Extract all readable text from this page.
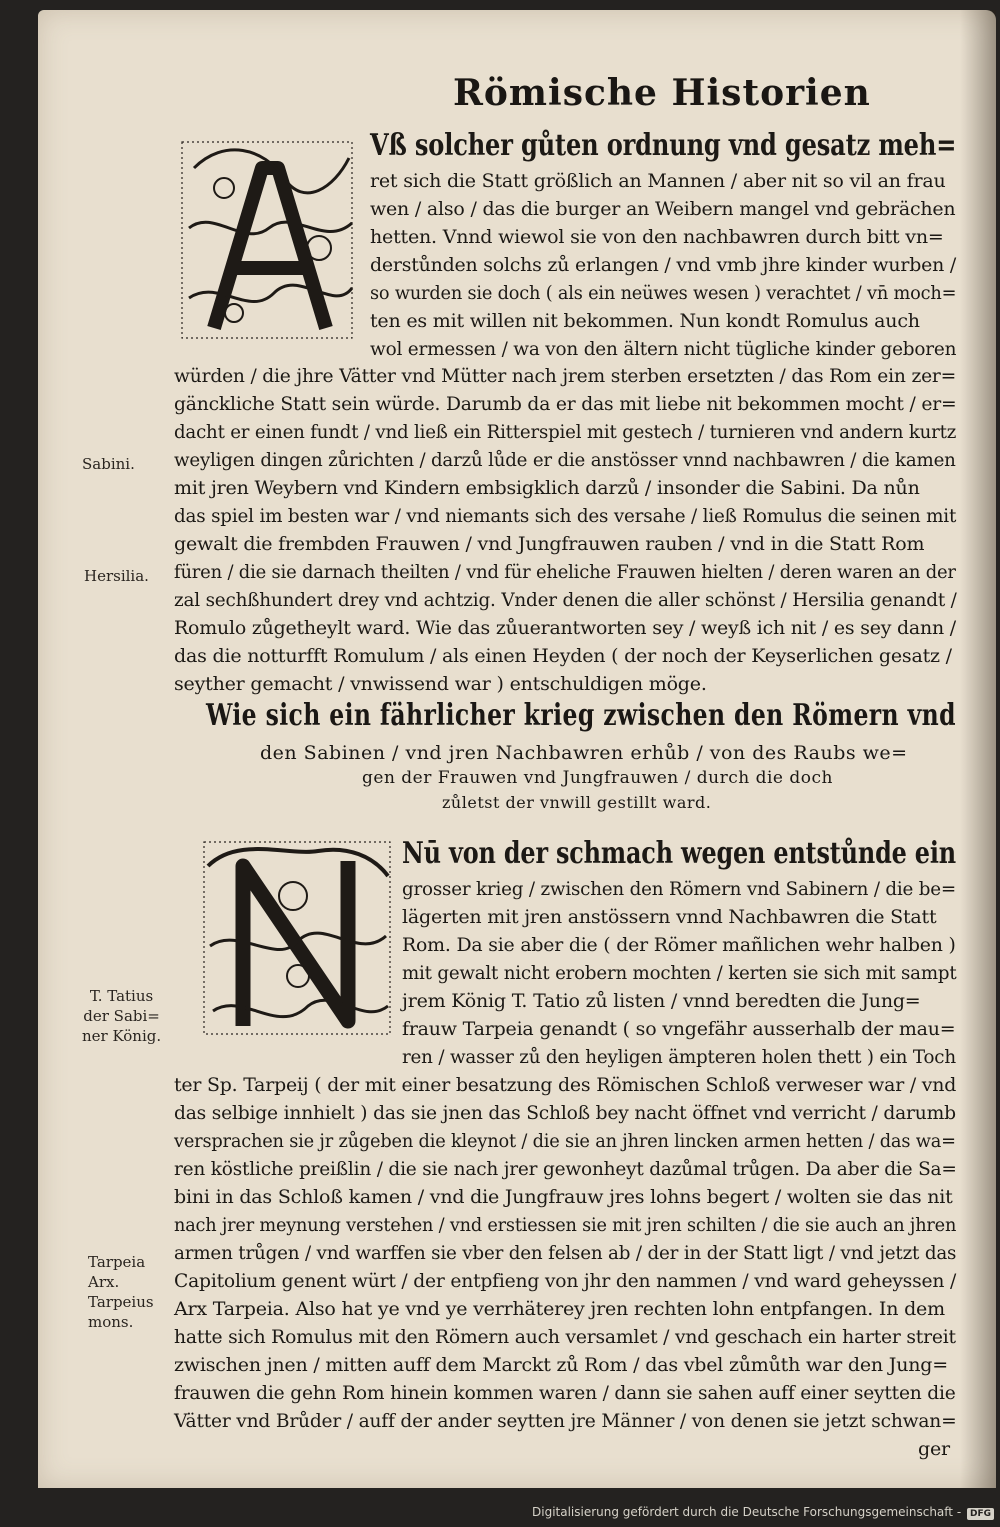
Römische Historien
Vß solcher gůten ordnung vnd gesatz meh=
ret sich die Statt größlich an Mannen / aber nit so vil an frau
wen / also / das die burger an Weibern mangel vnd gebrächen
hetten. Vnnd wiewol sie von den nachbawren durch bitt vn=
derstůnden solchs zů erlangen / vnd vmb jhre kinder wurben /
so wurden sie doch ( als ein neüwes wesen ) verachtet / vn̄ moch=
ten es mit willen nit bekommen. Nun kondt Romulus auch
wol ermessen / wa von den ältern nicht tügliche kinder geboren
würden / die jhre Vätter vnd Mütter nach jrem sterben ersetzten / das Rom ein zer=
gänckliche Statt sein würde. Darumb da er das mit liebe nit bekommen mocht / er=
dacht er einen fundt / vnd ließ ein Ritterspiel mit gestech / turnieren vnd andern kurtz
weyligen dingen zůrichten / darzů lůde er die anstösser vnnd nachbawren / die kamen
mit jren Weybern vnd Kindern embsigklich darzů / insonder die Sabini. Da nůn
das spiel im besten war / vnd niemants sich des versahe / ließ Romulus die seinen mit
gewalt die frembden Frauwen / vnd Jungfrauwen rauben / vnd in die Statt Rom
füren / die sie darnach theilten / vnd für eheliche Frauwen hielten / deren waren an der
zal sechßhundert drey vnd achtzig. Vnder denen die aller schönst / Hersilia genandt /
Romulo zůgetheylt ward. Wie das zůuerantworten sey / weyß ich nit / es sey dann /
das die notturfft Romulum / als einen Heyden ( der noch der Keyserlichen gesatz /
seyther gemacht / vnwissend war ) entschuldigen möge.
Wie sich ein fährlicher krieg zwischen den Römern vnd
den Sabinen / vnd jren Nachbawren erhůb / von des Raubs we=
gen der Frauwen vnd Jungfrauwen / durch die doch
zůletst der vnwill gestillt ward.
Nū von der schmach wegen entstůnde ein
grosser krieg / zwischen den Römern vnd Sabinern / die be=
lägerten mit jren anstössern vnnd Nachbawren die Statt
Rom. Da sie aber die ( der Römer mañlichen wehr halben )
mit gewalt nicht erobern mochten / kerten sie sich mit sampt
jrem König T. Tatio zů listen / vnnd beredten die Jung=
frauw Tarpeia genandt ( so vngefähr ausserhalb der mau=
ren / wasser zů den heyligen ämpteren holen thett ) ein Toch
ter Sp. Tarpeij ( der mit einer besatzung des Römischen Schloß verweser war / vnd
das selbige innhielt ) das sie jnen das Schloß bey nacht öffnet vnd verricht / darumb
versprachen sie jr zůgeben die kleynot / die sie an jhren lincken armen hetten / das wa=
ren köstliche preißlin / die sie nach jrer gewonheyt dazůmal trůgen. Da aber die Sa=
bini in das Schloß kamen / vnd die Jungfrauw jres lohns begert / wolten sie das nit
nach jrer meynung verstehen / vnd erstiessen sie mit jren schilten / die sie auch an jhren
armen trůgen / vnd warffen sie vber den felsen ab / der in der Statt ligt / vnd jetzt das
Capitolium genent würt / der entpfieng von jhr den nammen / vnd ward geheyssen /
Arx Tarpeia. Also hat ye vnd ye verrhäterey jren rechten lohn entpfangen. In dem
hatte sich Romulus mit den Römern auch versamlet / vnd geschach ein harter streit
zwischen jnen / mitten auff dem Marckt zů Rom / das vbel zůmůth war den Jung=
frauwen die gehn Rom hinein kommen waren / dann sie sahen auff einer seytten die
Vätter vnd Brůder / auff der ander seytten jre Männer / von denen sie jetzt schwan=
ger
Sabini.
Hersilia.
T. Tatius
der Sabi=
ner König.
Tarpeia
Arx.
Tarpeius
mons.
Digitalisierung gefördert durch die Deutsche Forschungsgemeinschaft - DFG
